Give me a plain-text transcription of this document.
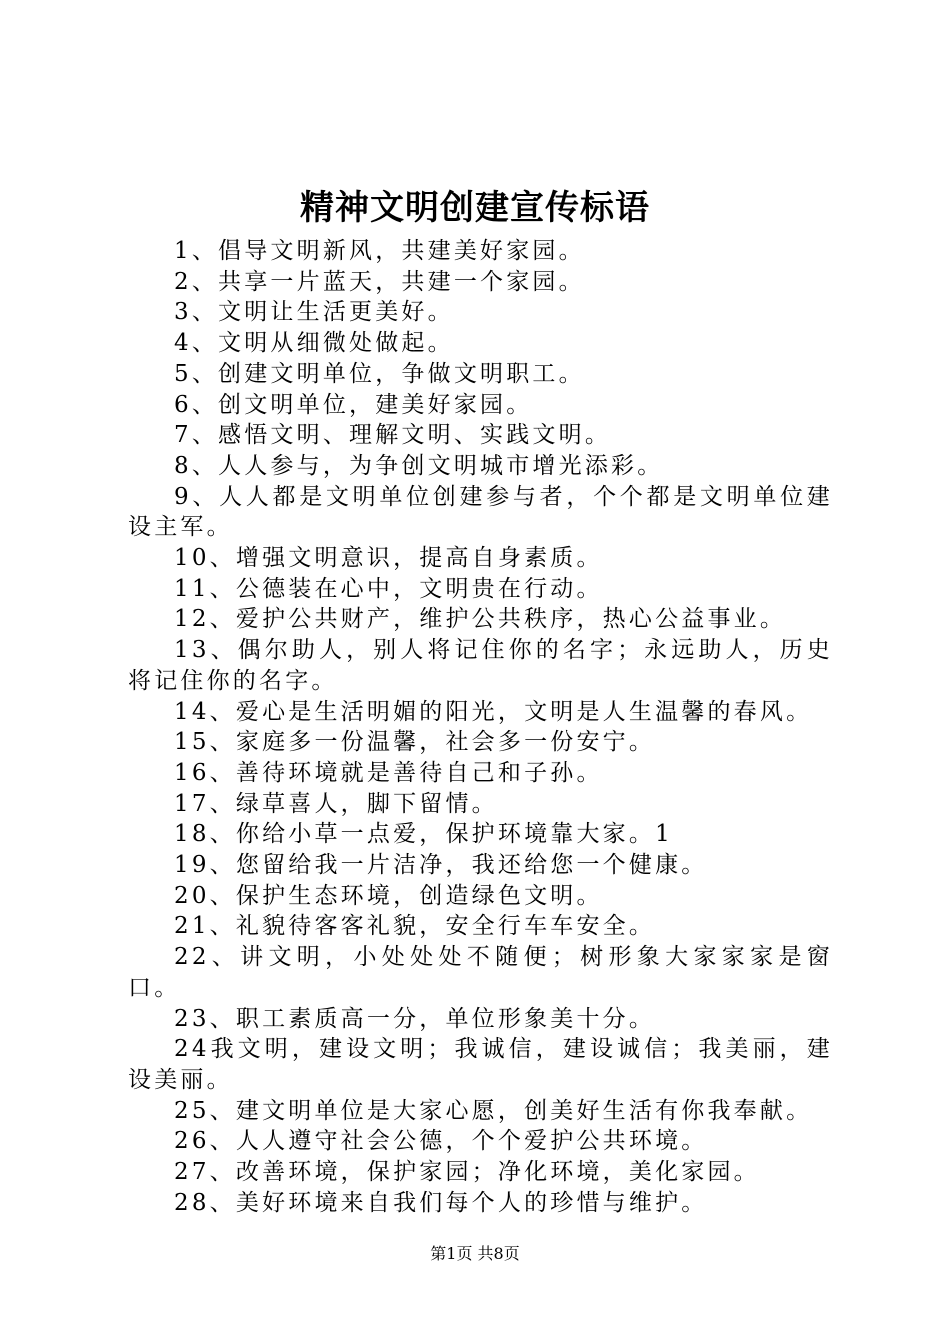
精神文明创建宣传标语

1、倡导文明新风，共建美好家园。

2、共享一片蓝天，共建一个家园。

3、文明让生活更美好。

4、文明从细微处做起。

5、创建文明单位，争做文明职工。

6、创文明单位，建美好家园。

7、感悟文明、理解文明、实践文明。

8、人人参与，为争创文明城市增光添彩。

9、人人都是文明单位创建参与者，个个都是文明单位建设主军。

10、增强文明意识，提高自身素质。

11、公德装在心中，文明贵在行动。

12、爱护公共财产，维护公共秩序，热心公益事业。

13、偶尔助人，别人将记住你的名字；永远助人，历史将记住你的名字。

14、爱心是生活明媚的阳光，文明是人生温馨的春风。

15、家庭多一份温馨，社会多一份安宁。

16、善待环境就是善待自己和子孙。

17、绿草喜人，脚下留情。

18、你给小草一点爱，保护环境靠大家。1

19、您留给我一片洁净，我还给您一个健康。

20、保护生态环境，创造绿色文明。

21、礼貌待客客礼貌，安全行车车安全。

22、讲文明，小处处处不随便；树形象大家家家是窗口。

23、职工素质高一分，单位形象美十分。

24我文明，建设文明；我诚信，建设诚信；我美丽，建设美丽。

25、建文明单位是大家心愿，创美好生活有你我奉献。

26、人人遵守社会公德，个个爱护公共环境。

27、改善环境，保护家园；净化环境，美化家园。

28、美好环境来自我们每个人的珍惜与维护。

第1页 共8页
